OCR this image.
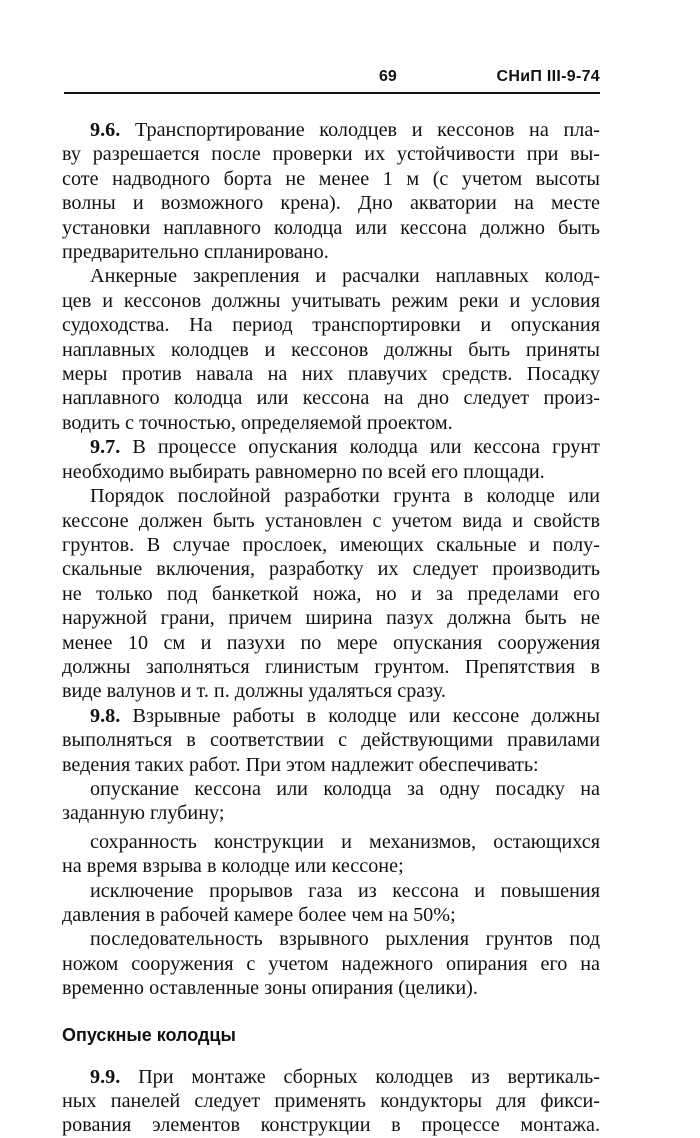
69	СНиП III-9-74
9.6. Транспортирование колодцев и кессонов на пла-
ву разрешается после проверки их устойчивости при вы-
соте надводного борта не менее 1 м (с учетом высоты
волны и возможного крена). Дно акватории на месте
установки наплавного колодца или кессона должно быть
предварительно спланировано.
Анкерные закрепления и расчалки наплавных колод-
цев и кессонов должны учитывать режим реки и условия
судоходства. На период транспортировки и опускания
наплавных колодцев и кессонов должны быть приняты
меры против навала на них плавучих средств. Посадку
наплавного колодца или кессона на дно следует произ-
водить с точностью, определяемой проектом.
9.7. В процессе опускания колодца или кессона грунт
необходимо выбирать равномерно по всей его площади.
Порядок послойной разработки грунта в колодце или
кессоне должен быть установлен с учетом вида и свойств
грунтов. В случае прослоек, имеющих скальные и полу-
скальные включения, разработку их следует производить
не только под банкеткой ножа, но и за пределами его
наружной грани, причем ширина пазух должна быть не
менее 10 см и пазухи по мере опускания сооружения
должны заполняться глинистым грунтом. Препятствия в
виде валунов и т. п. должны удаляться сразу.
9.8. Взрывные работы в колодце или кессоне должны
выполняться в соответствии с действующими правилами
ведения таких работ. При этом надлежит обеспечивать:
опускание кессона или колодца за одну посадку на
заданную глубину;
сохранность конструкции и механизмов, остающихся
на время взрыва в колодце или кессоне;
исключение прорывов газа из кессона и повышения
давления в рабочей камере более чем на 50%;
последовательность взрывного рыхления грунтов под
ножом сооружения с учетом надежного опирания его на
временно оставленные зоны опирания (целики).
Опускные колодцы
9.9. При монтаже сборных колодцев из вертикаль-
ных панелей следует применять кондукторы для фикси-
рования элементов конструкции в процессе монтажа.
